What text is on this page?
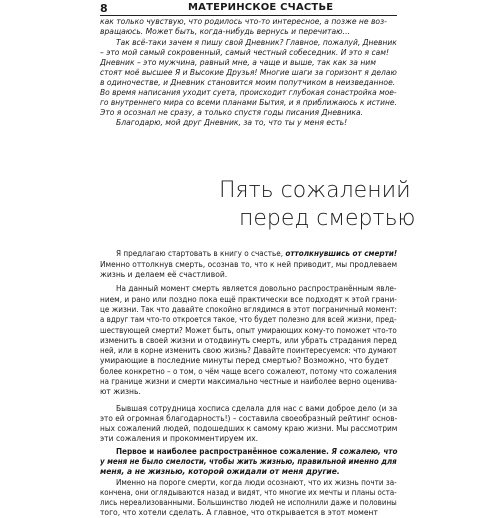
8	МАТЕРИНСКОЕ СЧАСТЬЕ
как только чувствую, что родилось что-то интересное, а позже не воз-
вращаюсь. Может быть, когда-нибудь вернусь и перечитаю…
Так всё-таки зачем я пишу свой Дневник? Главное, пожалуй, Дневник
– это мой самый сокровенный, самый честный собеседник. И это я сам!
Дневник – это мужчина, равный мне, а чаще и выше, так как за ним
стоят моё высшее Я и Высокие Друзья! Многие шаги за горизонт я делаю
в одиночестве, и Дневник становится моим попутчиком в неизведанное.
Во время написания уходит суета, происходит глубокая сонастройка мое-
го внутреннего мира со всеми планами Бытия, и я приближаюсь к истине.
Это я осознал не сразу, а только спустя годы писания Дневника.
Благодарю, мой друг Дневник, за то, что ты у меня есть!
Пять сожалений
перед смертью
Я предлагаю стартовать в книгу о счастье, оттолкнувшись от смерти!
Именно оттолкнув смерть, осознав то, что к ней приводит, мы продлеваем
жизнь и делаем её счастливой.
На данный момент смерть является довольно распространённым явле-
нием, и рано или поздно пока ещё практически все подходят к этой грани-
це жизни. Так что давайте спокойно вглядимся в этот пограничный момент:
а вдруг там что-то откроется такое, что будет полезно для всей жизни, пред-
шествующей смерти? Может быть, опыт умирающих кому-то поможет что-то
изменить в своей жизни и отодвинуть смерть, или убрать страдания перед
ней, или в корне изменить свою жизнь? Давайте поинтересуемся: что думают
умирающие в последние минуты перед смертью? Возможно, что будет
более конкретно – о том, о чём чаще всего сожалеют, потому что сожаления
на границе жизни и смерти максимально честные и наиболее верно оценива-
ют жизнь.
Бывшая сотрудница хосписа сделала для нас с вами доброе дело (и за
это ей огромная благодарность!) – составила своеобразный рейтинг основ-
ных сожалений людей, подошедших к самому краю жизни. Мы рассмотрим
эти сожаления и прокомментируем их.
Первое и наиболее распространённое сожаление. Я сожалею, что
у меня не было смелости, чтобы жить жизнью, правильной именно для
меня, а не жизнью, которой ожидали от меня другие.
Именно на пороге смерти, когда люди осознают, что их жизнь почти за-
кончена, они оглядываются назад и видят, что многие их мечты и планы оста-
лись нереализованными. Большинство людей не исполнили даже и половины
того, что хотели сделать. А главное, что открывается в этот момент
